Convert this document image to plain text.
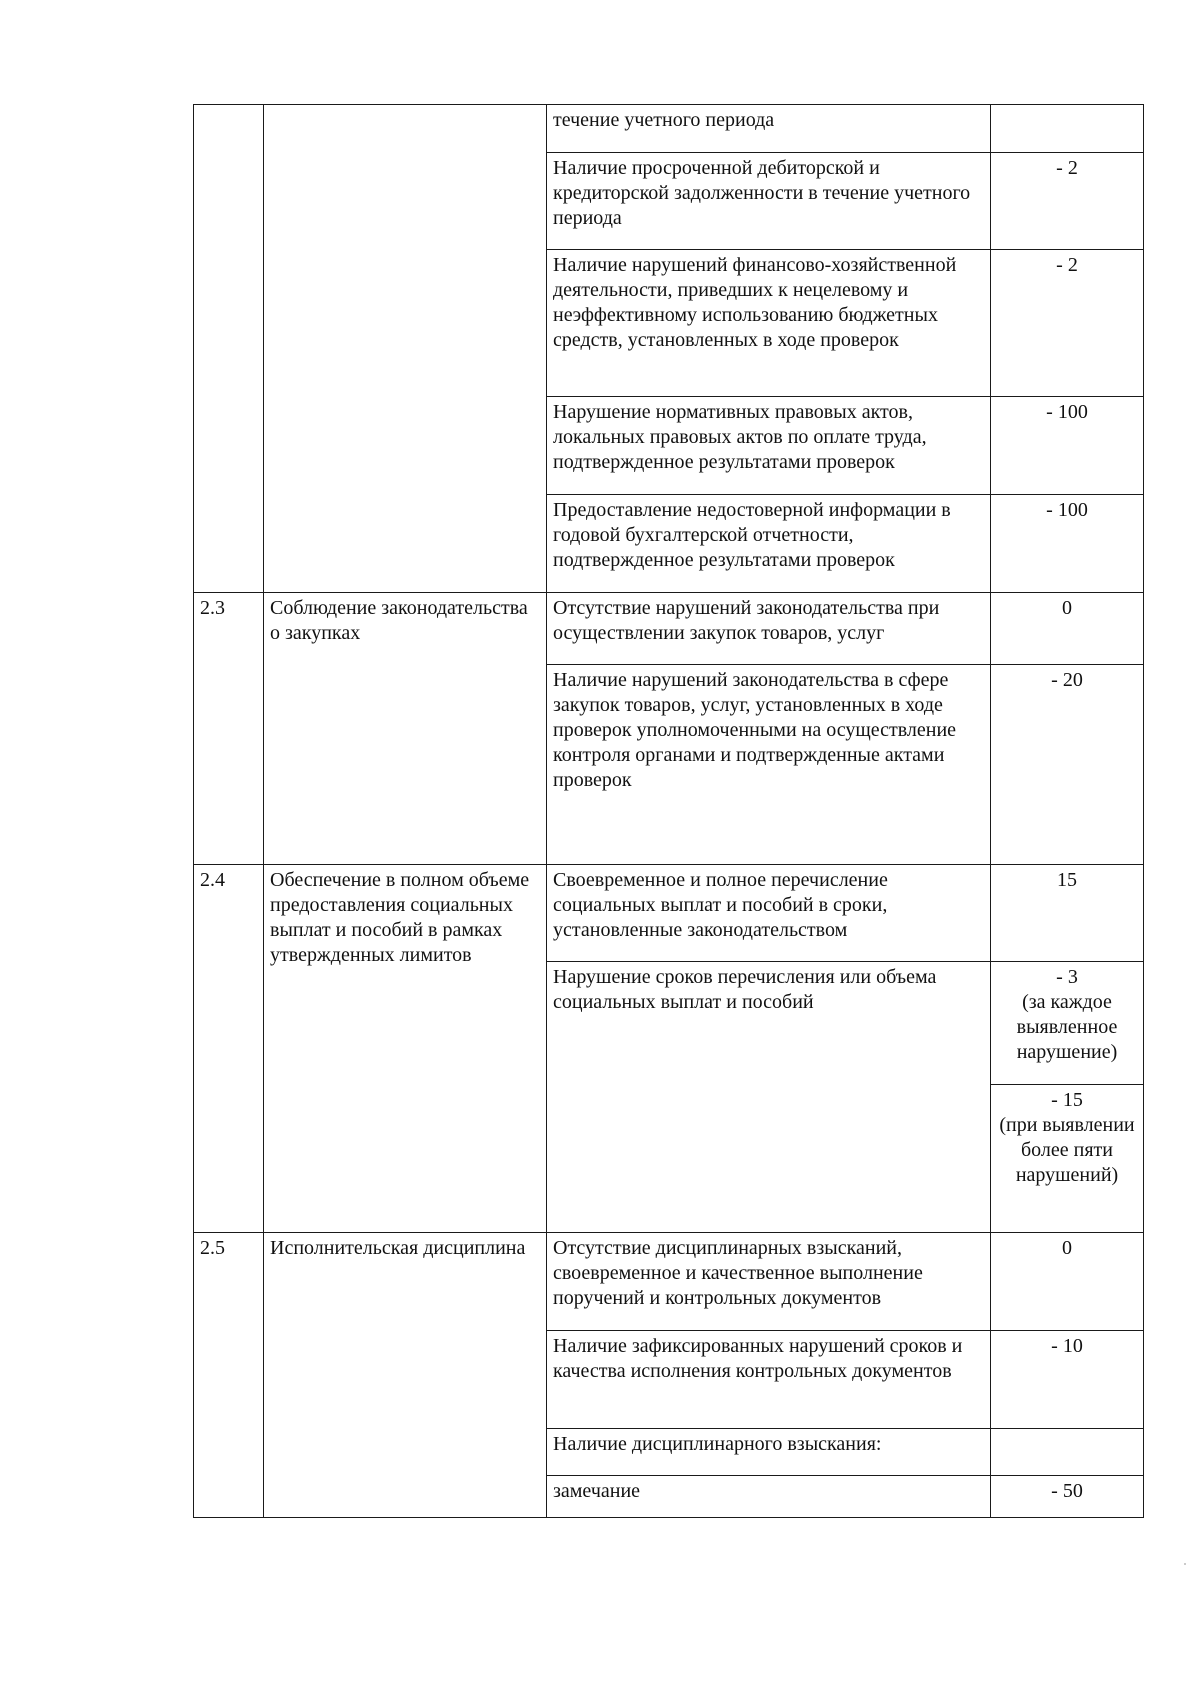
		течение учетного периода	
		Наличие просроченной дебиторской и кредиторской задолженности в течение учетного периода	- 2
		Наличие нарушений финансово-хозяйственной деятельности, приведших к нецелевому и неэффективному использованию бюджетных средств, установленных в ходе проверок	- 2
		Нарушение нормативных правовых актов, локальных правовых актов по оплате труда, подтвержденное результатами проверок	- 100
		Предоставление недостоверной информации в годовой бухгалтерской отчетности, подтвержденное результатами проверок	- 100
2.3	Соблюдение законодательства о закупках	Отсутствие нарушений законодательства при осуществлении закупок товаров, услуг	0
		Наличие нарушений законодательства в сфере закупок товаров, услуг, установленных в ходе проверок уполномоченными на осуществление контроля органами и подтвержденные актами проверок	- 20
2.4	Обеспечение в полном объеме предоставления социальных выплат и пособий в рамках утвержденных лимитов	Своевременное и полное перечисление социальных выплат и пособий в сроки, установленные законодательством	15
		Нарушение сроков перечисления или объема социальных выплат и пособий	- 3
(за каждое выявленное нарушение)

			- 15
(при выявлении более пяти нарушений)

2.5	Исполнительская дисциплина	Отсутствие дисциплинарных взысканий, своевременное и качественное выполнение поручений и контрольных документов	0
		Наличие зафиксированных нарушений сроков и качества исполнения контрольных документов	- 10
		Наличие дисциплинарного взыскания:	
		замечание	- 50
